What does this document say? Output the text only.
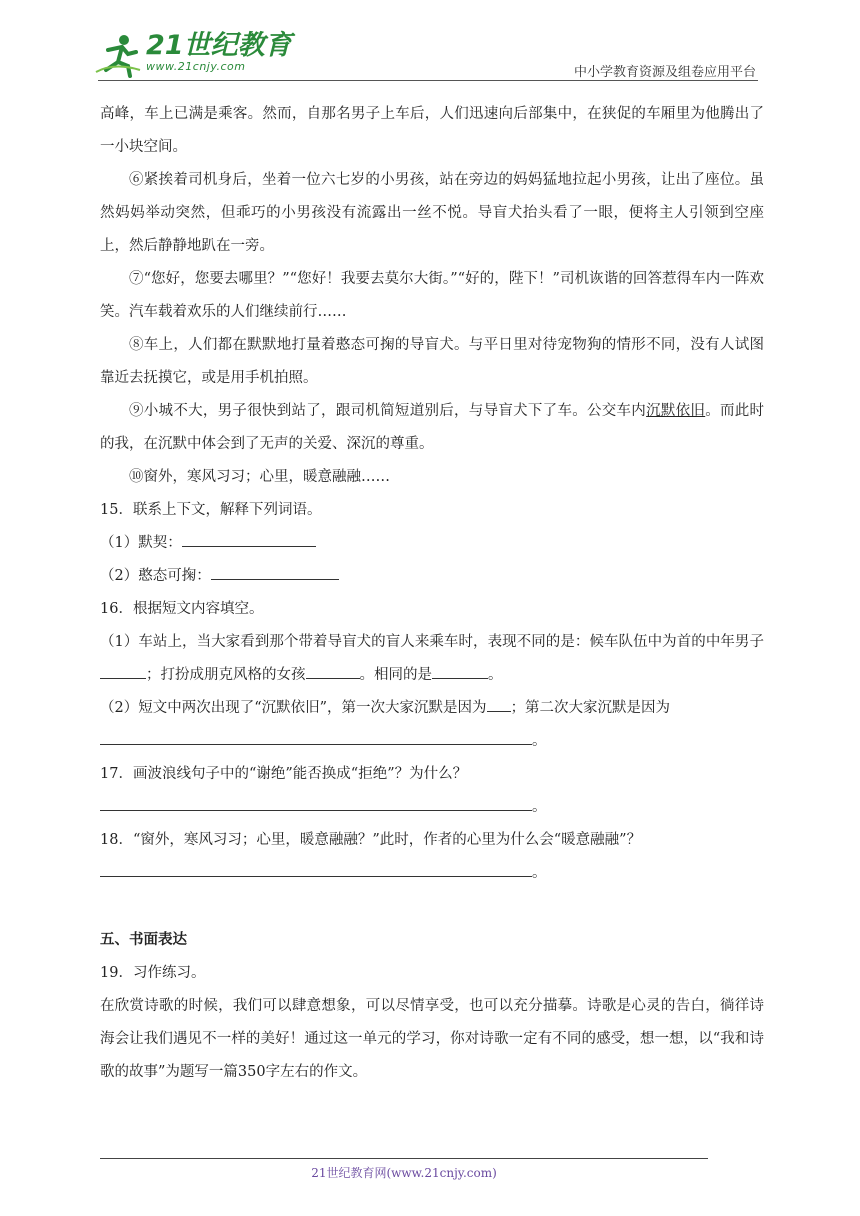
21世纪教育
www.21cnjy.com	中小学教育资源及组卷应用平台

高峰，车上已满是乘客。然而，自那名男子上车后，人们迅速向后部集中，在狭促的车厢里为他腾出了一小块空间。

⑥紧挨着司机身后，坐着一位六七岁的小男孩，站在旁边的妈妈猛地拉起小男孩，让出了座位。虽然妈妈举动突然，但乖巧的小男孩没有流露出一丝不悦。导盲犬抬头看了一眼，便将主人引领到空座上，然后静静地趴在一旁。

⑦“您好，您要去哪里？”“您好！我要去莫尔大街。”“好的，陛下！”司机诙谐的回答惹得车内一阵欢笑。汽车载着欢乐的人们继续前行……

⑧车上，人们都在默默地打量着憨态可掬的导盲犬。与平日里对待宠物狗的情形不同，没有人试图靠近去抚摸它，或是用手机拍照。

⑨小城不大，男子很快到站了，跟司机简短道别后，与导盲犬下了车。公交车内沉默依旧。而此时的我，在沉默中体会到了无声的关爱、深沉的尊重。

⑩窗外，寒风习习；心里，暖意融融……

15．联系上下文，解释下列词语。

（1）默契：

（2）憨态可掬：

16．根据短文内容填空。

（1）车站上，当大家看到那个带着导盲犬的盲人来乘车时，表现不同的是：候车队伍中为首的中年男子；打扮成朋克风格的女孩	。相同的是	。

（2）短文中两次出现了“沉默依旧”，第一次大家沉默是因为 ；第二次大家沉默是因为

。

17．画波浪线句子中的“谢绝”能否换成“拒绝”？为什么？

。

18．“窗外，寒风习习；心里，暖意融融？”此时，作者的心里为什么会“暖意融融”？

。

五、书面表达

19．习作练习。

在欣赏诗歌的时候，我们可以肆意想象，可以尽情享受，也可以充分描摹。诗歌是心灵的告白，徜徉诗海会让我们遇见不一样的美好！通过这一单元的学习，你对诗歌一定有不同的感受，想一想，以“我和诗歌的故事”为题写一篇350字左右的作文。

21世纪教育网(www.21cnjy.com)
